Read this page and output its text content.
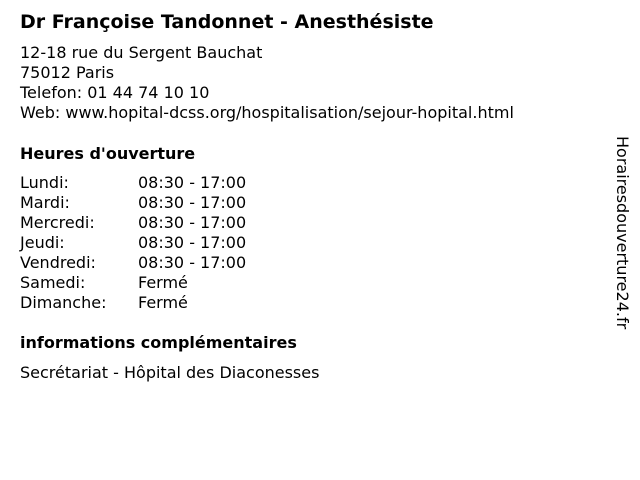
Dr Françoise Tandonnet - Anesthésiste
12-18 rue du Sergent Bauchat
75012 Paris
Telefon: 01 44 74 10 10
Web: www.hopital-dcss.org/hospitalisation/sejour-hopital.html
Heures d'ouverture
Lundi:	08:30 - 17:00
Mardi:	08:30 - 17:00
Mercredi:	08:30 - 17:00
Jeudi:	08:30 - 17:00
Vendredi:	08:30 - 17:00
Samedi:	Fermé
Dimanche:	Fermé
informations complémentaires
Secrétariat - Hôpital des Diaconesses
Horairesdouverture24.fr
